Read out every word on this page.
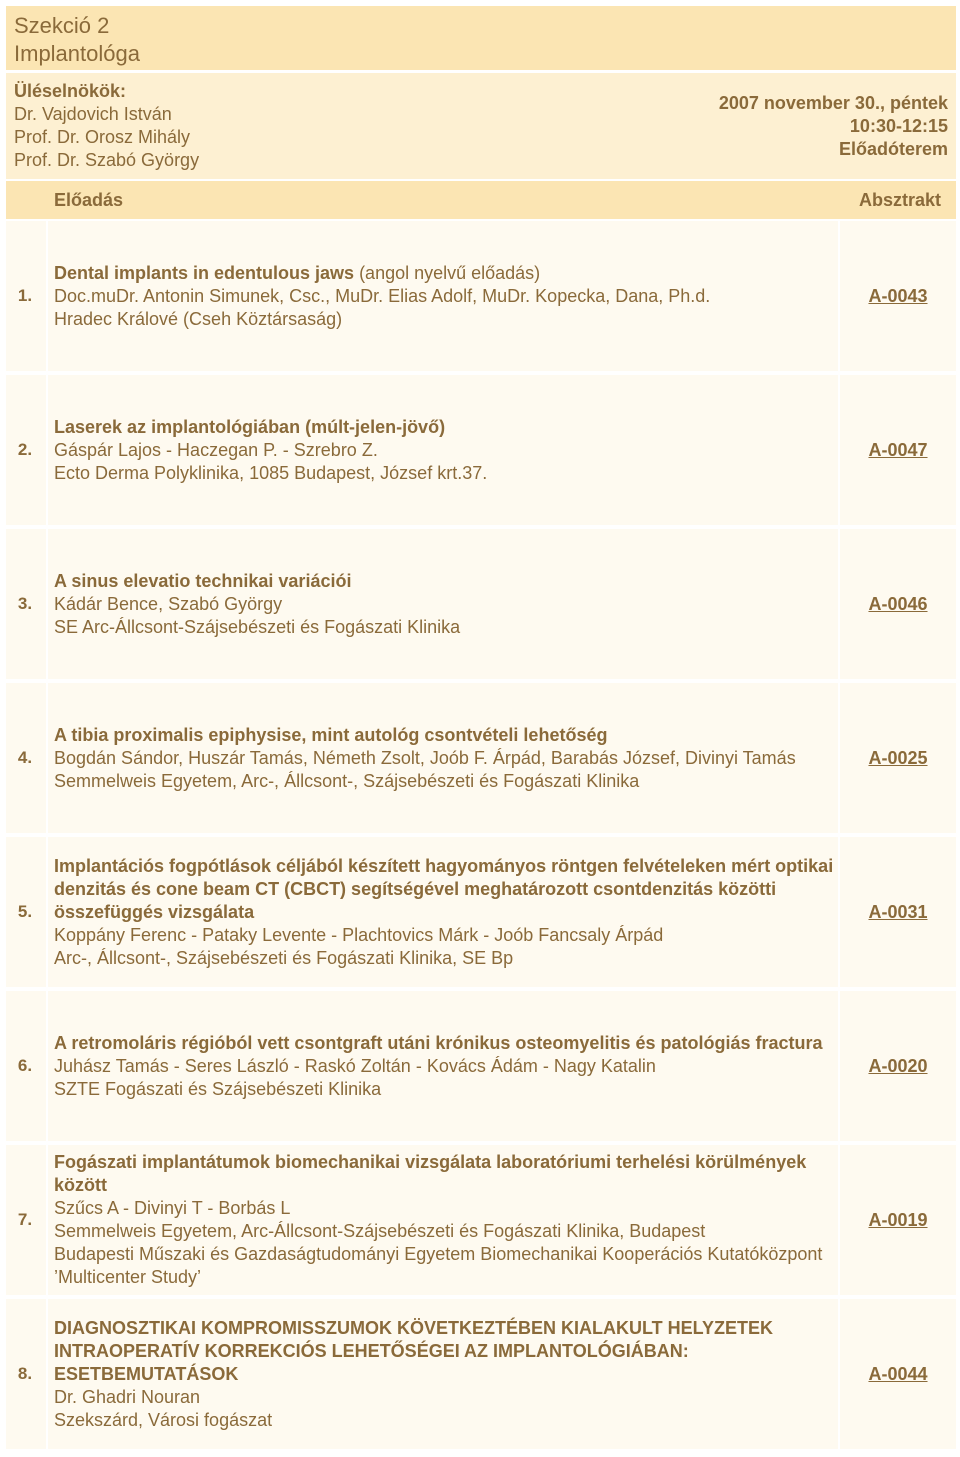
Szekció 2
Implantológa
Üléselnökök:
Dr. Vajdovich István
Prof. Dr. Orosz Mihály
Prof. Dr. Szabó György
2007 november 30., péntek
10:30-12:15
Előadóterem
Előadás	Absztrakt
1.
Dental implants in edentulous jaws (angol nyelvű előadás)
Doc.muDr. Antonin Simunek, Csc., MuDr. Elias Adolf, MuDr. Kopecka, Dana, Ph.d.
Hradec Králové (Cseh Köztársaság)
A-0043
2.
Laserek az implantológiában (múlt-jelen-jövő)
Gáspár Lajos - Haczegan P. - Szrebro Z.
Ecto Derma Polyklinika, 1085 Budapest, József krt.37.
A-0047
3.
A sinus elevatio technikai variációi
Kádár Bence, Szabó György
SE Arc-Állcsont-Szájsebészeti és Fogászati Klinika
A-0046
4.
A tibia proximalis epiphysise, mint autológ csontvételi lehetőség
Bogdán Sándor, Huszár Tamás, Németh Zsolt, Joób F. Árpád, Barabás József, Divinyi Tamás
Semmelweis Egyetem, Arc-, Állcsont-, Szájsebészeti és Fogászati Klinika
A-0025
5.
Implantációs fogpótlások céljából készített hagyományos röntgen felvételeken mért optikai denzitás és cone beam CT (CBCT) segítségével meghatározott csontdenzitás közötti összefüggés vizsgálata
Koppány Ferenc - Pataky Levente - Plachtovics Márk - Joób Fancsaly Árpád
Arc-, Állcsont-, Szájsebészeti és Fogászati Klinika, SE Bp
A-0031
6.
A retromoláris régióból vett csontgraft utáni krónikus osteomyelitis és patológiás fractura
Juhász Tamás - Seres László - Raskó Zoltán - Kovács Ádám - Nagy Katalin
SZTE Fogászati és Szájsebészeti Klinika
A-0020
7.
Fogászati implantátumok biomechanikai vizsgálata laboratóriumi terhelési körülmények között
Szűcs A - Divinyi T - Borbás L
Semmelweis Egyetem, Arc-Állcsont-Szájsebészeti és Fogászati Klinika, Budapest
Budapesti Műszaki és Gazdaságtudományi Egyetem Biomechanikai Kooperációs Kutatóközpont ’Multicenter Study’
A-0019
8.
DIAGNOSZTIKAI KOMPROMISSZUMOK KÖVETKEZTÉBEN KIALAKULT HELYZETEK INTRAOPERATÍV KORREKCIÓS LEHETŐSÉGEI AZ IMPLANTOLÓGIÁBAN: ESETBEMUTATÁSOK
Dr. Ghadri Nouran
Szekszárd, Városi fogászat
A-0044
